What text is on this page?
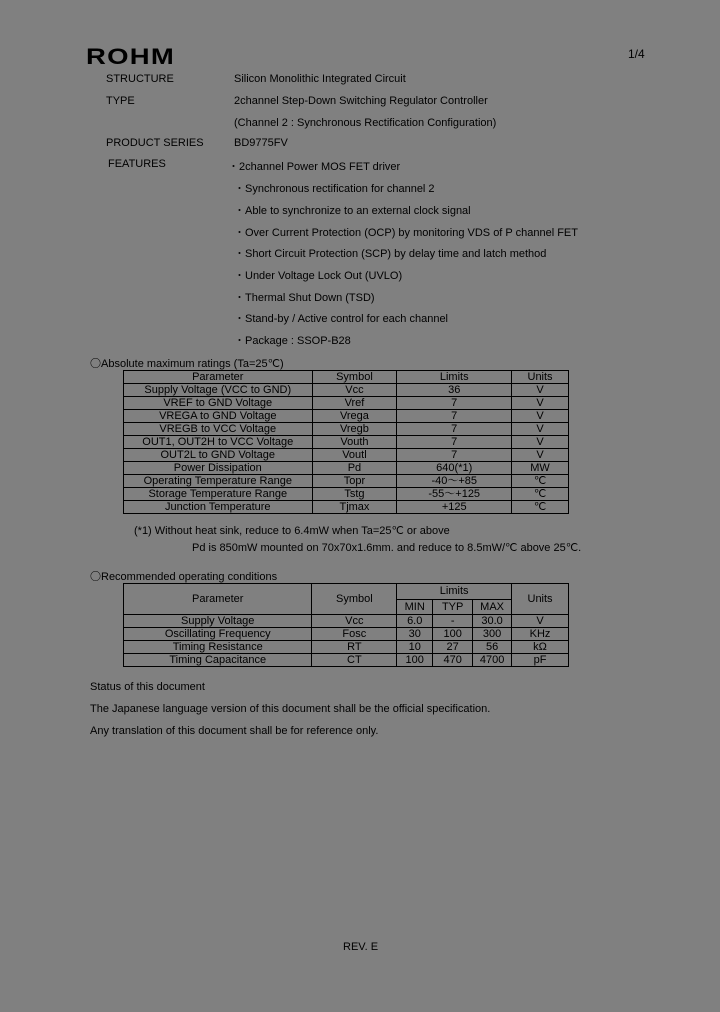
ROHM	1/4
STRUCTURE	Silicon Monolithic Integrated Circuit
TYPE	2channel Step-Down Switching Regulator Controller
(Channel 2 : Synchronous Rectification Configuration)
PRODUCT SERIES	BD9775FV
FEATURES	・2channel Power MOS FET driver
・Synchronous rectification for channel 2
・Able to synchronize to an external clock signal
・Over Current Protection (OCP) by monitoring VDS of P channel FET
・Short Circuit Protection (SCP) by delay time and latch method
・Under Voltage Lock Out (UVLO)
・Thermal Shut Down (TSD)
・Stand-by / Active control for each channel
・Package : SSOP-B28
〇Absolute maximum ratings (Ta=25℃)
Parameter	Symbol	Limits	Units
Supply Voltage (VCC to GND)	Vcc	36	V
VREF to GND Voltage	Vref	7	V
VREGA to GND Voltage	Vrega	7	V
VREGB to VCC Voltage	Vregb	7	V
OUT1, OUT2H to VCC Voltage	Vouth	7	V
OUT2L to GND Voltage	Voutl	7	V
Power Dissipation	Pd	640(*1)	MW
Operating Temperature Range	Topr	-40～+85	℃
Storage Temperature Range	Tstg	-55～+125	℃
Junction Temperature	Tjmax	+125	℃
(*1) Without heat sink, reduce to 6.4mW when Ta=25℃ or above
Pd is 850mW mounted on 70x70x1.6mm. and reduce to 8.5mW/℃ above 25℃.
〇Recommended operating conditions
Parameter	Symbol	Limits			Units
		MIN	TYP	MAX	
Supply Voltage	Vcc	6.0	-	30.0	V
Oscillating Frequency	Fosc	30	100	300	KHz
Timing Resistance	RT	10	27	56	kΩ
Timing Capacitance	CT	100	470	4700	pF
Status of this document
The Japanese language version of this document shall be the official specification.
Any translation of this document shall be for reference only.
REV. E
